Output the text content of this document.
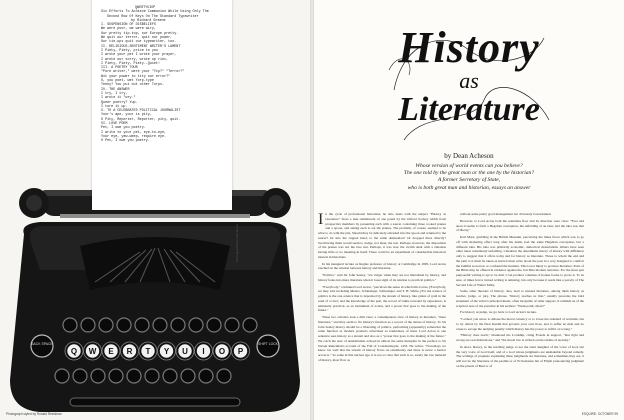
BACK SPACE	SHIFT LOCK
Q W E R T Y U I O P
QWERTYUIOP
Six Efforts To Achieve Communion While Using Only The
Second Row Of Keys On The Standard Typewriter
by Richard Greene
I. SUSPENSION OF DISBELIEFS
We were poor, we were wiry,
Our pretty tip-top, our Europe pretty.
We quit our terror, quit our power,
Our tie-ups quit our typewriter, too.
II. RELIGIOUS-SENTIMENT WRITER'S LAMENT
I Piety, Piety, price to you
I wrote your pet I wrote your prayer,
I wrote our sorry, wrote up riot,
I Piety, Piety, Piety--Quiet!
III. A POETRY TOUR
"Pure writer," were your "Yip?" "Terror?"
Wit your power to tity our error?"
O, you poet, wet Yorp-type
Teeny? You put out other Torps.
IV. THE ANSWER
I try, I try,
I wrote it "wry."
Queer poetry? Yup.
I tore it up.
V. TO A CELEBRATED POLITICAL JOURNALIST
Your's ape, your is pity,
O Pity, Reporter, Reporter, pity, quit.
VI. LOVE POEM
Pet, I owe you poetry.
I write to your pet, eye-to-eye,
Your eye, yew-weep, require eye.
O Pet, I owe you poetry.
Photographed by Ron Bosse
Photograph styled by Ronald Reedman
History
as
Literature
by Dean Acheson
Whose version of world events can you believe?
The one told by the great man or the one by the historian?
A former Secretary of State,
who is both great man and historian, essays an answer
I n the cycle of professional historians, he who deals with the subject "History as Literature" faces a task reminiscent of one posed by the Oxford Society which from prospective members by presenting each with a saucer containing three cooked prunes and a spoon, and asking each to eat the prunes. The problem, of course, seemed to be what to do with the pits. Should they be delicately extruded into the spoon and returned to the saucer? Or into the cupped hand, to the same destination? Or dropped there directly? Swallowing them would seem to dodge, not meet, the test. Perhaps, however, the disposition of the prunes was not the true test. Perhaps, it was how the victim dealt with a situation having little or no meaning in itself. There could be an experiment of considerable historical interest in historians.

In his inaugural lecture as Regius professor of history at Cambridge in 1895, Lord Acton touched on the relation between history and literature.

"Politics," said Sir John Seeley, "are vulgar when they are not liberalized by history, and history fades into mere literature when it loses sight of its relation to practical politics."

"Everybody," continued Lord Acton, "perceives the sense in which this is true. [Everybody, we may add, including Messrs. Schlesinger, Schlesinger, and T. H. White.] For the science of politics is the one science that is deposited by the stream of history, like grains of gold in the sand of a river; and the knowledge of the past, the record of truths revealed by experience, is eminently practical, as an instrument of action, and a power that goes to the making of the future."

These two scholars took a dim view; a contemptuous view of history as literature, "mere literature," and they seem to fix history's function as a record of the nature of history. To Sir John Seeley history should be a liberating of politics, performing (apparently) somewhat the same function as modern products advertised as tenderizers of meat. Lord Acton is one sentence sees history as a stream and also as a "power that goes to the making of the future." We catch the note of determinism, echoed in almost the same metaphor in the preface to Sir Steven Runciman's account of the Fall of Constantinople, 1453. He writes, "Nowadays we know too well that the stream of history flows on relentlessly and there is never a barrier across it." To some in this nuclear age, it is not so clear that such is so, surely the raw material of history, most flow as

without some pretty good management not obviously foreordained.

However, to Lord Acton both the relentless flow and its direction were clear: "Ever and anon it seems to form a Hegelian conception, the unfolding of an idea; and the idea was that of liberty."

Karl Marx, grubbing in the British Museum, perceiving the times flows which was to go off with shattering effect long after his death, had the same Hegelian conception, but a different idea. His idea was primarily economic, dialectical materialism. Others have seen other ideas relentlessly unfolding. I mention the determinist theory of history with diffidence only to suggest that it offers today and for history as literature. Those to whom the end and the path to it must be taken as known must write about the past in a way designed to comfort the faithful as narrow or confound the heathen. This is not likely to produce literature. Parts of the Bible may be offered in evidence against me, but little modern narrative. For the most part purposeful writing is apt to be dull. I can produce volumes of honest books to prove it. To be sure, at times fervor turned writing is amusing, but only because it reads like a parody of The Second Life of Walter Mitty.

Some other theories of history, also, lead to stunted literature, among them history as teacher, judge, or jury. The phrase, "history teaches us that," usually precedes the bald statement of the writer's principal thesis, often incapable of other support. It reminds us of the sceptical note of the preacher in his sermon: "Weak point; shout!"

For history as judge, we go back to Lord Acton's lecture.

"I exhort you never to debase the moral currency or to lower the standard of rectitude, but to try others by the final maxim that governs your own lives, and to suffer no man and no cause to escape the undying penalty which history has the power to inflict on wrong."

"History does teach," thundered his Lordship, citing Froude in support, "that right and wrong are real distinctions," and "the moral law is written on the tablets of eternity."

In short, history, as the teaching judge, is not the stern daughter of the voice of God, but the very voice of God itself, and of a God whose judgments are unshakable beyond remedy. The writings of prophets explaining these judgments are literature, and sometimes they are, it will not be the literature of the psalms or of Ecclesiastes but of Elijah pronouncing judgment on the priests of Baal or of

ESQUIRE: OCTOBER 99
